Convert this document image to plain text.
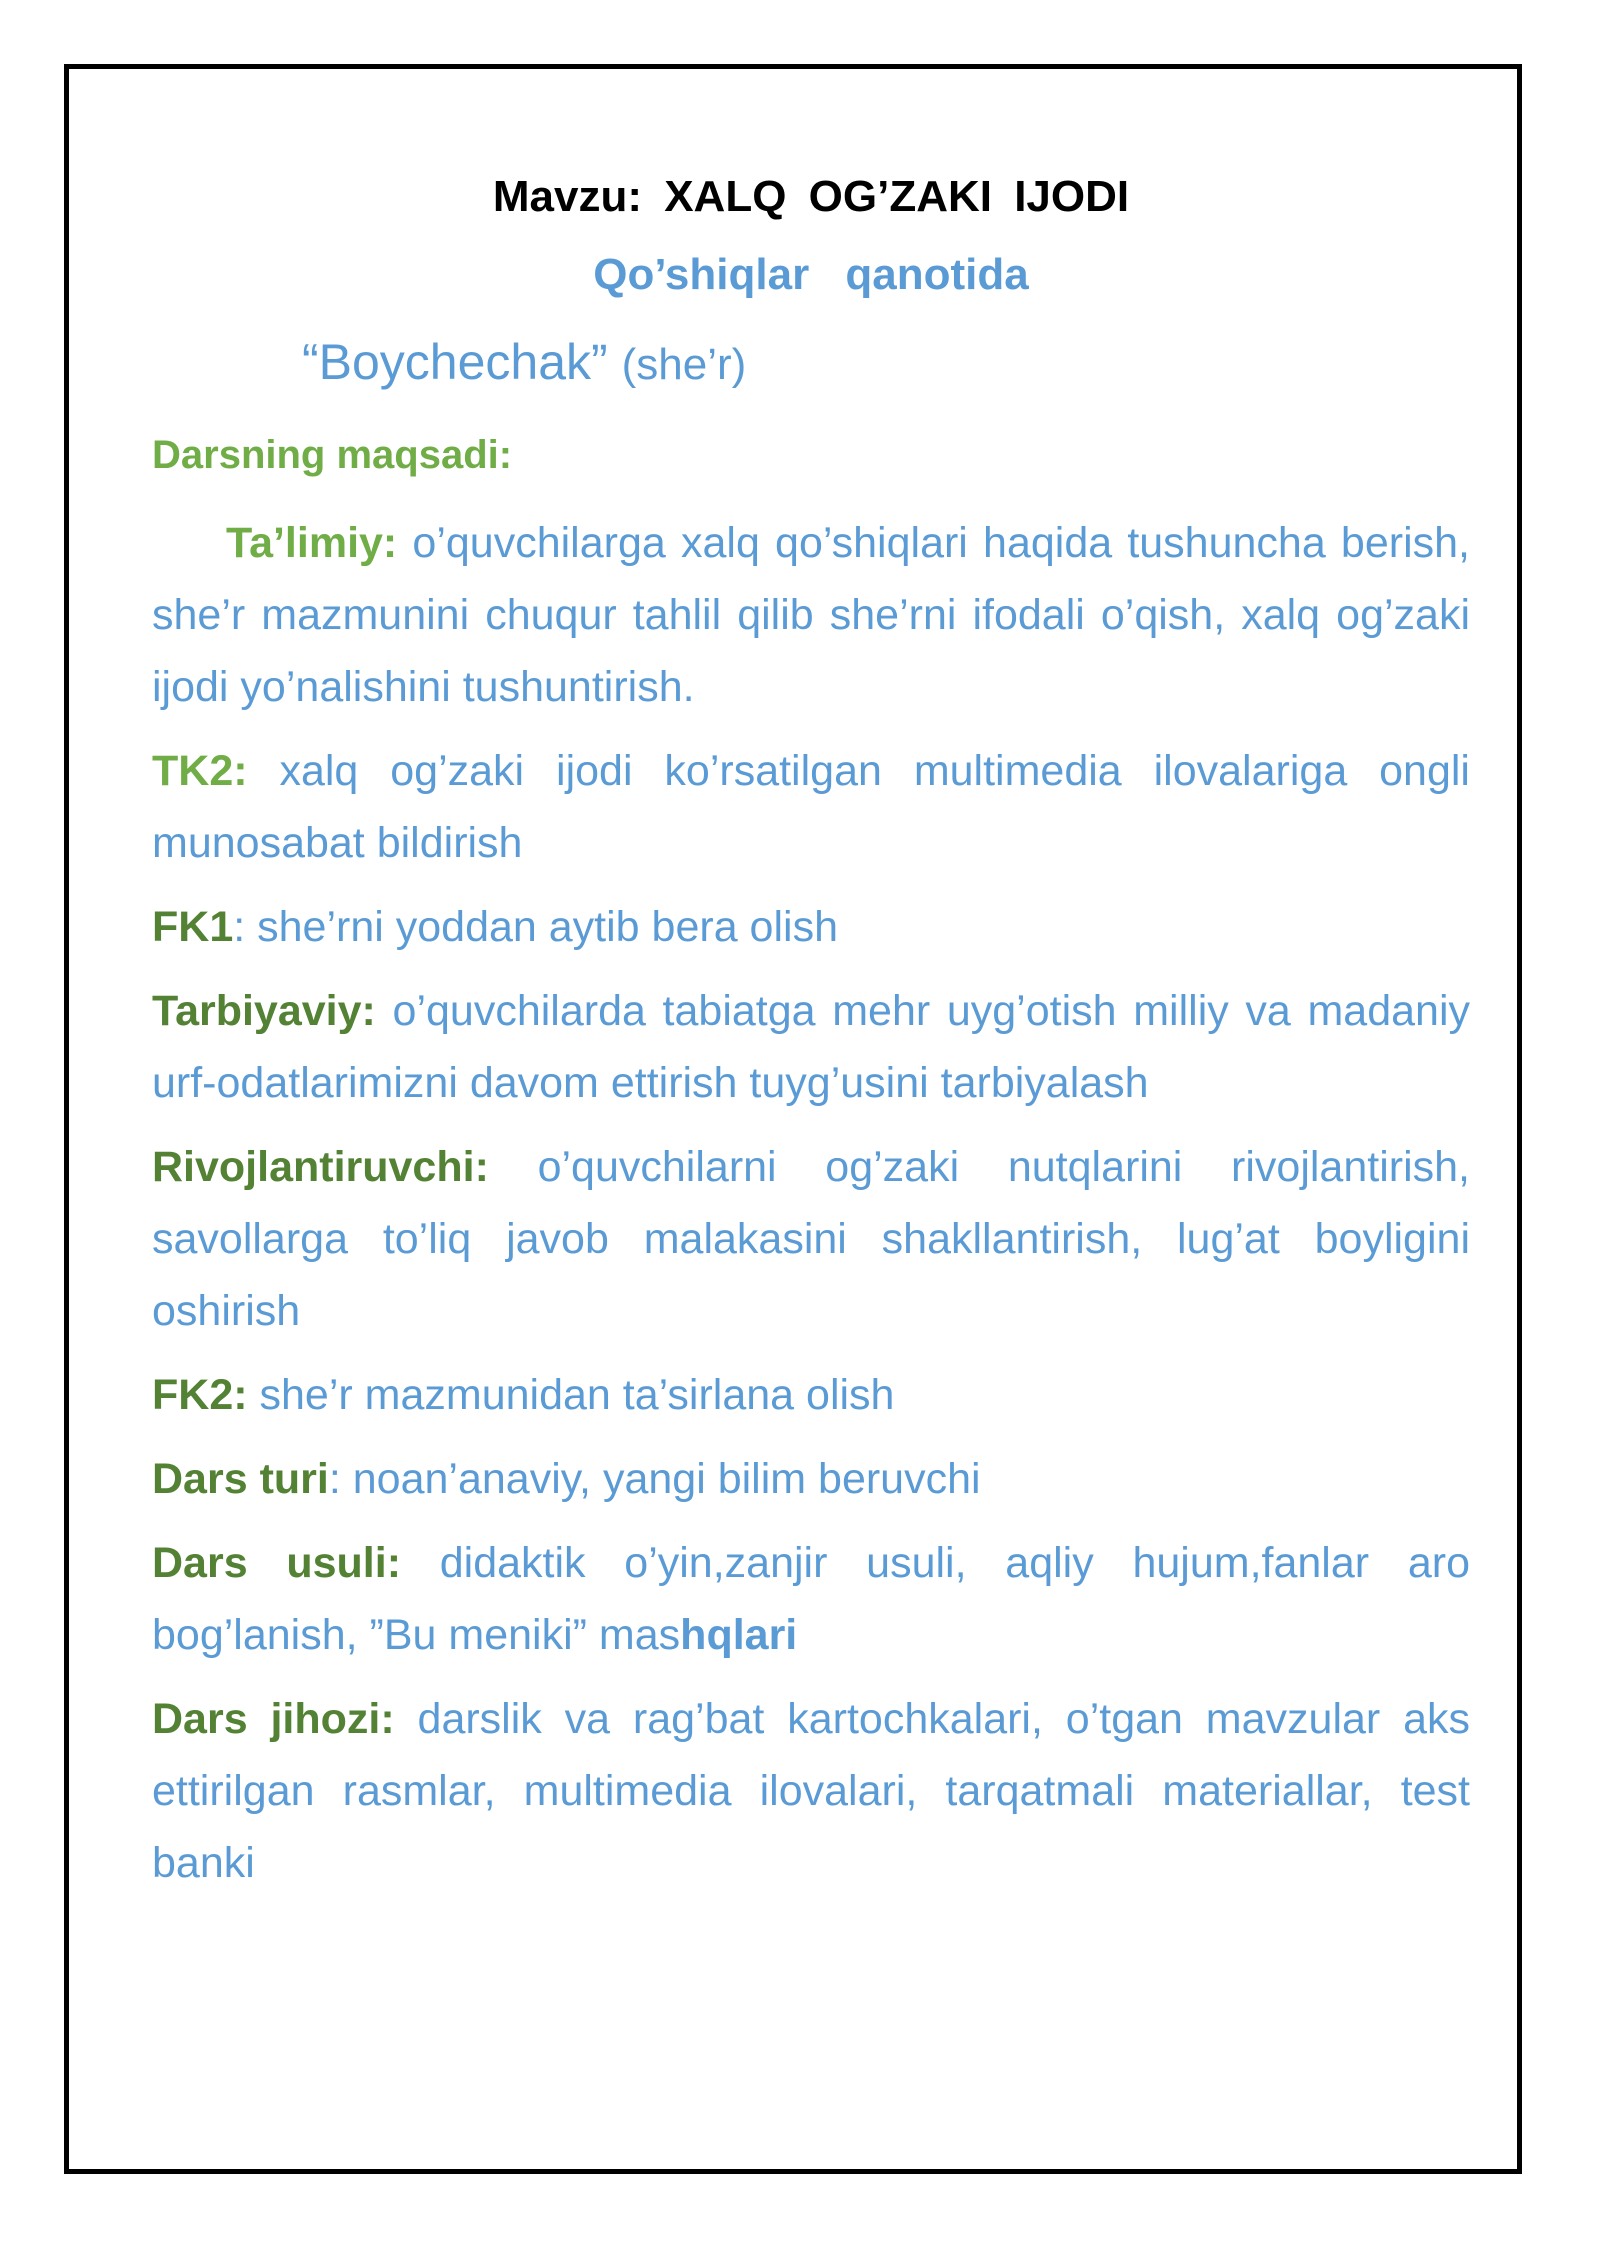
Mavzu: XALQ OG’ZAKI IJODI

Qo’shiqlar qanotida

“Boychechak” (she’r)

Darsning maqsadi:

Ta’limiy: o’quvchilarga xalq qo’shiqlari haqida tushuncha berish, she’r mazmunini chuqur tahlil qilib she’rni ifodali o’qish, xalq og’zaki ijodi yo’nalishini tushuntirish.

TK2: xalq og’zaki ijodi ko’rsatilgan multimedia ilovalariga ongli munosabat bildirish

FK1: she’rni yoddan aytib bera olish

Tarbiyaviy: o’quvchilarda tabiatga mehr uyg’otish milliy va madaniy urf-odatlarimizni davom ettirish tuyg’usini tarbiyalash

Rivojlantiruvchi: o’quvchilarni og’zaki nutqlarini rivojlantirish, savollarga to’liq javob malakasini shakllantirish, lug’at boyligini oshirish

FK2: she’r mazmunidan ta’sirlana olish

Dars turi: noan’anaviy, yangi bilim beruvchi

Dars usuli: didaktik o’yin,zanjir usuli, aqliy hujum,fanlar aro bog’lanish, ”Bu meniki” mashqlari

Dars jihozi: darslik va rag’bat kartochkalari, o’tgan mavzular aks ettirilgan rasmlar, multimedia ilovalari, tarqatmali materiallar, test banki
